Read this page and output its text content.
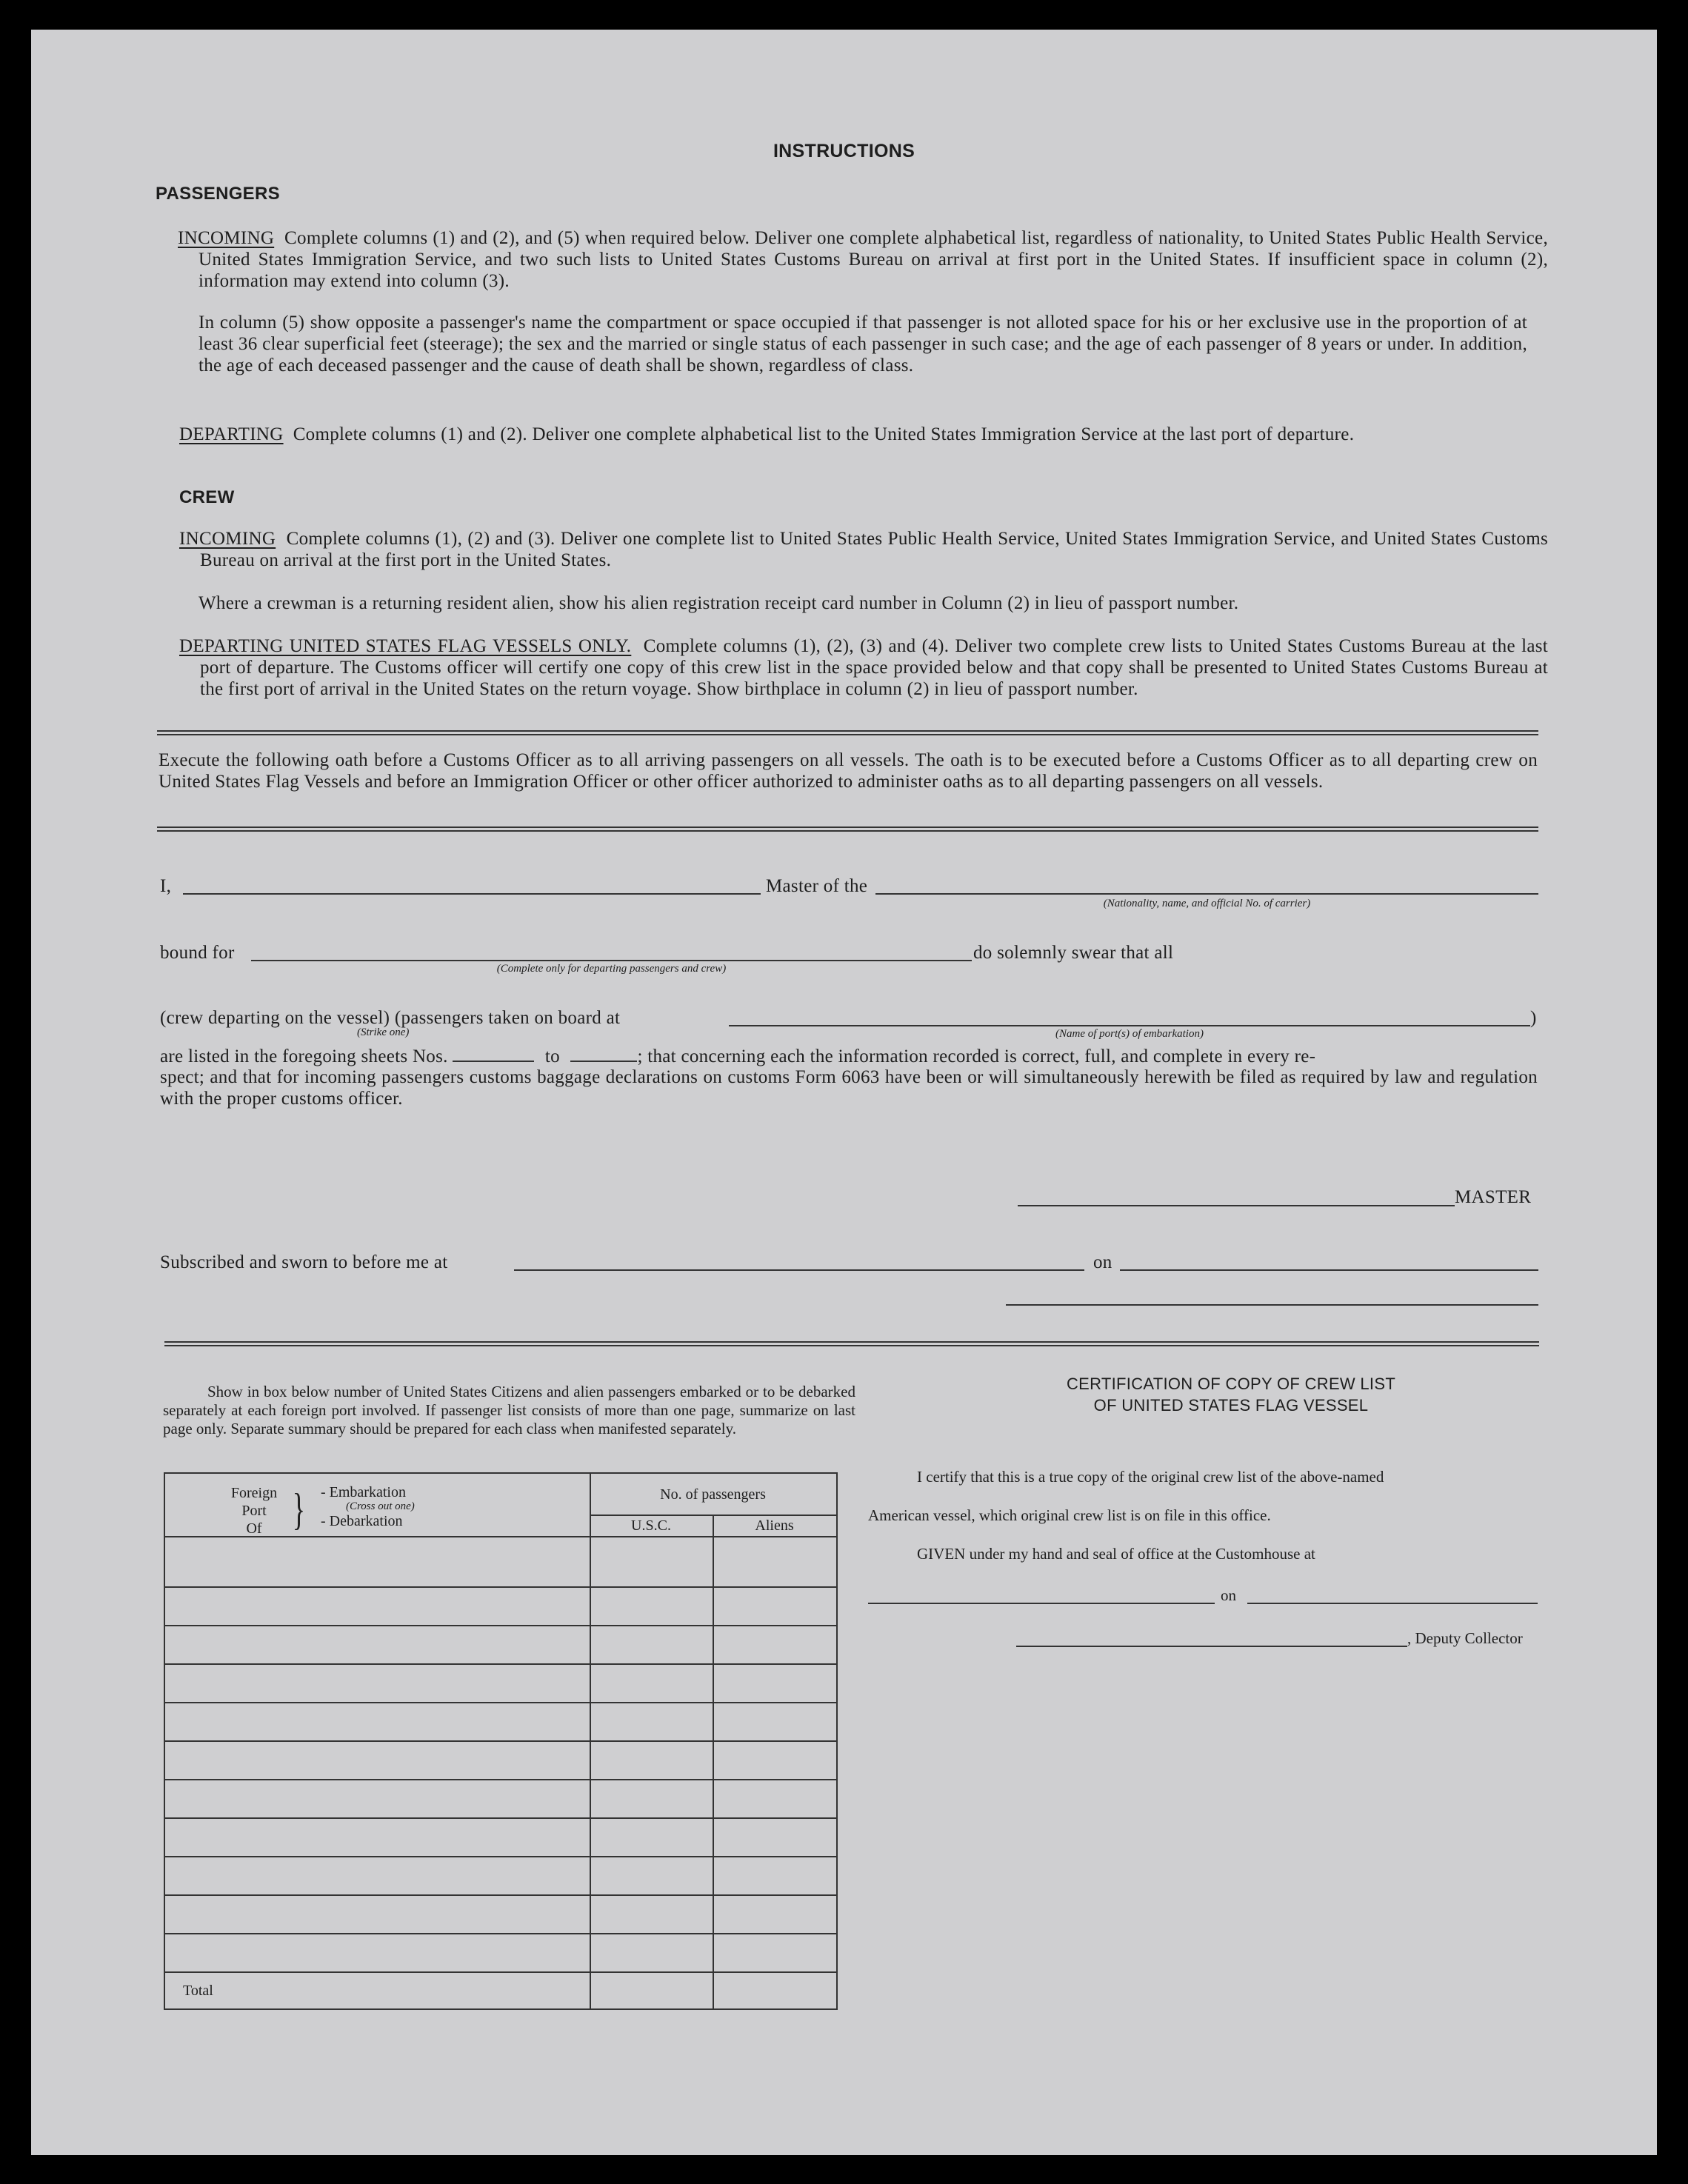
INSTRUCTIONS
PASSENGERS
INCOMING Complete columns (1) and (2), and (5) when required below. Deliver one complete alphabetical list, regardless of nationality, to United States Public Health Service, United States Immigration Service, and two such lists to United States Customs Bureau on arrival at first port in the United States. If insufficient space in column (2), information may extend into column (3).
In column (5) show opposite a passenger's name the compartment or space occupied if that passenger is not alloted space for his or her exclusive use in the proportion of at least 36 clear superficial feet (steerage); the sex and the married or single status of each passenger in such case; and the age of each passenger of 8 years or under. In addition, the age of each deceased passenger and the cause of death shall be shown, regardless of class.
DEPARTING Complete columns (1) and (2). Deliver one complete alphabetical list to the United States Immigration Service at the last port of departure.
CREW
INCOMING Complete columns (1), (2) and (3). Deliver one complete list to United States Public Health Service, United States Immigration Service, and United States Customs Bureau on arrival at the first port in the United States.
Where a crewman is a returning resident alien, show his alien registration receipt card number in Column (2) in lieu of passport number.
DEPARTING UNITED STATES FLAG VESSELS ONLY. Complete columns (1), (2), (3) and (4). Deliver two complete crew lists to United States Customs Bureau at the last port of departure. The Customs officer will certify one copy of this crew list in the space provided below and that copy shall be presented to United States Customs Bureau at the first port of arrival in the United States on the return voyage. Show birthplace in column (2) in lieu of passport number.
Execute the following oath before a Customs Officer as to all arriving passengers on all vessels. The oath is to be executed before a Customs Officer as to all departing crew on United States Flag Vessels and before an Immigration Officer or other officer authorized to administer oaths as to all departing passengers on all vessels.
I,	Master of the
(Nationality, name, and official No. of carrier)
bound for
(Complete only for departing passengers and crew)
do solemnly swear that all
(crew departing on the vessel) (passengers taken on board at
(Strike one)	(Name of port(s) of embarkation)
)
are listed in the foregoing sheets Nos.	to	; that concerning each the information recorded is correct, full, and complete in every re-
spect; and that for incoming passengers customs baggage declarations on customs Form 6063 have been or will simultaneously herewith be filed as required by law and regulation with the proper customs officer.
MASTER
Subscribed and sworn to before me at	on
Show in box below number of United States Citizens and alien passengers embarked or to be debarked separately at each foreign port involved. If passenger list consists of more than one page, summarize on last page only. Separate summary should be prepared for each class when manifested separately.
Foreign
Port
Of } - Embarkation
(Cross out one)
- Debarkation
No. of passengers
U.S.C.	Aliens
Total
CERTIFICATION OF COPY OF CREW LIST
OF UNITED STATES FLAG VESSEL
I certify that this is a true copy of the original crew list of the above-named
American vessel, which original crew list is on file in this office.
GIVEN under my hand and seal of office at the Customhouse at
on
, Deputy Collector
